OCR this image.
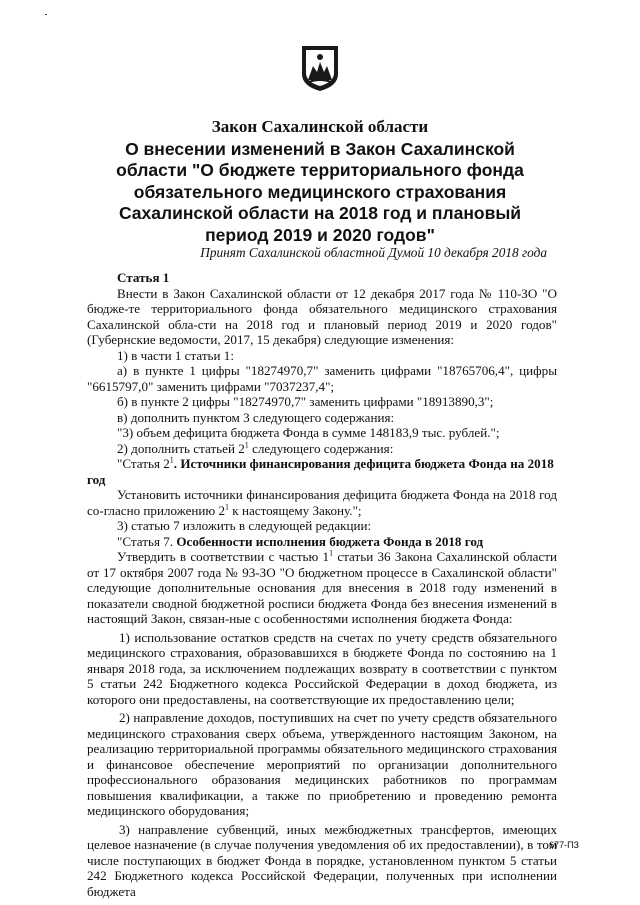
Закон Сахалинской области
О внесении изменений в Закон Сахалинской
области "О бюджете территориального фонда
обязательного медицинского страхования
Сахалинской области на 2018 год и плановый
период 2019 и 2020 годов"
Принят Сахалинской областной Думой 10 декабря 2018 года

Статья 1

Внести в Закон Сахалинской области от 12 декабря 2017 года № 110-ЗО "О бюдже-те территориального фонда обязательного медицинского страхования Сахалинской обла-сти на 2018 год и плановый период 2019 и 2020 годов" (Губернские ведомости, 2017, 15 декабря) следующие изменения:

1) в части 1 статьи 1:

а) в пункте 1 цифры "18274970,7" заменить цифрами "18765706,4", цифры "6615797,0" заменить цифрами "7037237,4";

б) в пункте 2 цифры "18274970,7" заменить цифрами "18913890,3";

в) дополнить пунктом 3 следующего содержания:

"3) объем дефицита бюджета Фонда в сумме 148183,9 тыс. рублей.";

2) дополнить статьей $2^1$ следующего содержания:

"Статья $2^1$. Источники финансирования дефицита бюджета Фонда на 2018 год

Установить источники финансирования дефицита бюджета Фонда на 2018 год со-гласно приложению $2^1$ к настоящему Закону.";

3) статью 7 изложить в следующей редакции:

"Статья 7. Особенности исполнения бюджета Фонда в 2018 год

Утвердить в соответствии с частью $1^1$ статьи 36 Закона Сахалинской области от 17 октября 2007 года № 93-ЗО "О бюджетном процессе в Сахалинской области" следующие дополнительные основания для внесения в 2018 году изменений в показатели сводной бюджетной росписи бюджета Фонда без внесения изменений в настоящий Закон, связан-ные с особенностями исполнения бюджета Фонда:

1) использование остатков средств на счетах по учету средств обязательного медицинского страхования, образовавшихся в бюджете Фонда по состоянию на 1 января 2018 года, за исключением подлежащих возврату в соответствии с пунктом 5 статьи 242 Бюджетного кодекса Российской Федерации в доход бюджета, из которого они предоставлены, на соответствующие их предоставлению цели;

2) направление доходов, поступивших на счет по учету средств обязательного медицинского страхования сверх объема, утвержденного настоящим Законом, на реализацию территориальной программы обязательного медицинского страхования и финансовое обеспечение мероприятий по организации дополнительного профессионального образования медицинских работников по программам повышения квалификации, а также по приобретению и проведению ремонта медицинского оборудования;

3) направление субвенций, иных межбюджетных трансфертов, имеющих целевое назначение (в случае получения уведомления об их предоставлении), в том числе поступающих в бюджет Фонда в порядке, установленном пунктом 5 статьи 242 Бюджетного кодекса Российской Федерации, полученных при исполнении бюджета

677-ПЗ
